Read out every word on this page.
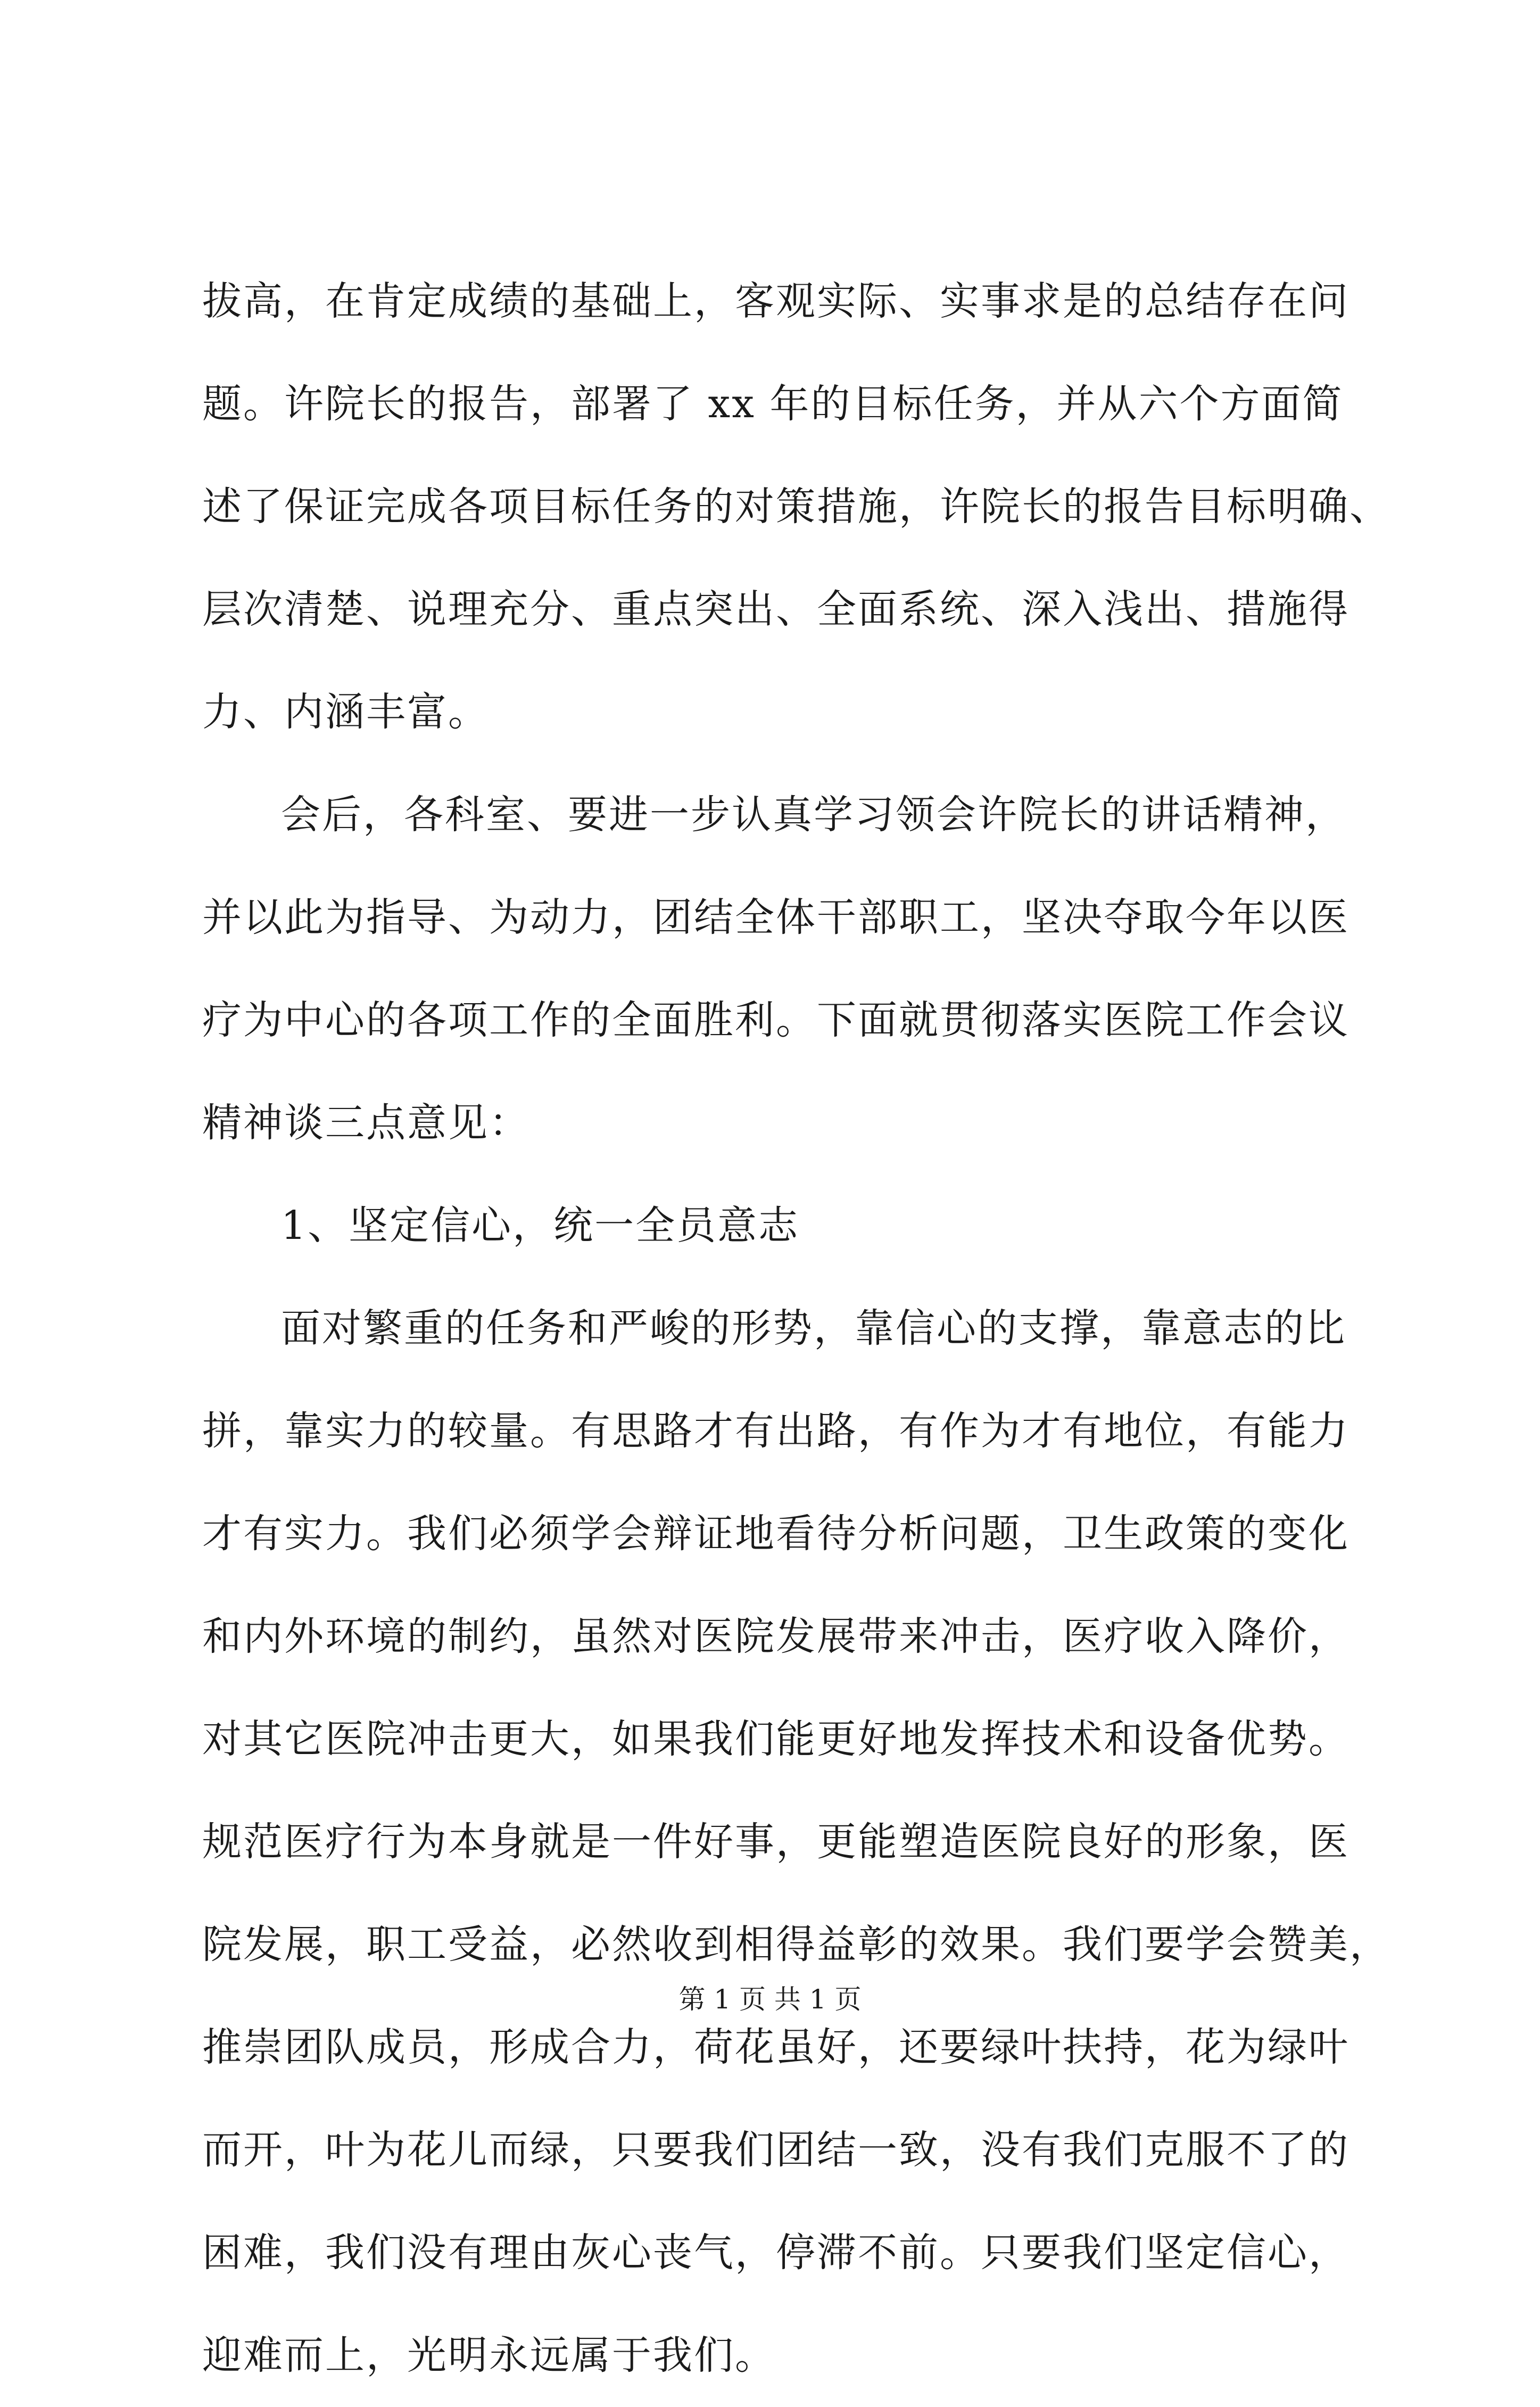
拔高，在肯定成绩的基础上，客观实际、实事求是的总结存在问
题。许院长的报告，部署了 xx 年的目标任务，并从六个方面简
述了保证完成各项目标任务的对策措施，许院长的报告目标明确、
层次清楚、说理充分、重点突出、全面系统、深入浅出、措施得
力、内涵丰富。
会后，各科室、要进一步认真学习领会许院长的讲话精神，
并以此为指导、为动力，团结全体干部职工，坚决夺取今年以医
疗为中心的各项工作的全面胜利。下面就贯彻落实医院工作会议
精神谈三点意见：
1、坚定信心，统一全员意志
面对繁重的任务和严峻的形势，靠信心的支撑，靠意志的比
拼，靠实力的较量。有思路才有出路，有作为才有地位，有能力
才有实力。我们必须学会辩证地看待分析问题，卫生政策的变化
和内外环境的制约，虽然对医院发展带来冲击，医疗收入降价，
对其它医院冲击更大，如果我们能更好地发挥技术和设备优势。
规范医疗行为本身就是一件好事，更能塑造医院良好的形象，医
院发展，职工受益，必然收到相得益彰的效果。我们要学会赞美，
推崇团队成员，形成合力，荷花虽好，还要绿叶扶持，花为绿叶
而开，叶为花儿而绿，只要我们团结一致，没有我们克服不了的
困难，我们没有理由灰心丧气，停滞不前。只要我们坚定信心，
迎难而上，光明永远属于我们。
第 1 页 共 1 页
